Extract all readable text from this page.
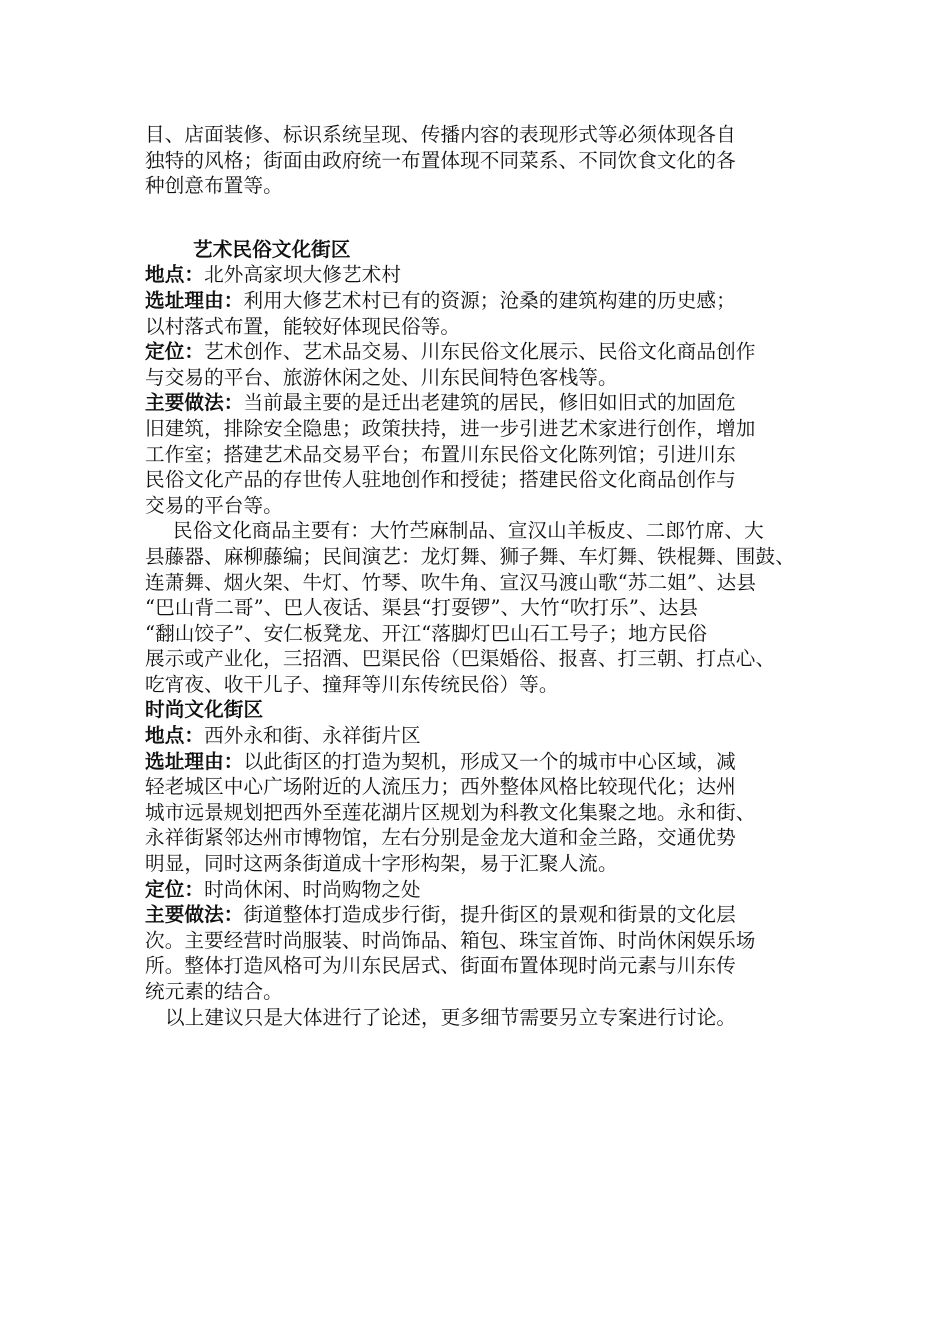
目、店面装修、标识系统呈现、传播内容的表现形式等必须体现各自
独特的风格；街面由政府统一布置体现不同菜系、不同饮食文化的各
种创意布置等。
艺术民俗文化街区
地点：北外高家坝大修艺术村
选址理由：利用大修艺术村已有的资源；沧桑的建筑构建的历史感；
以村落式布置，能较好体现民俗等。
定位：艺术创作、艺术品交易、川东民俗文化展示、民俗文化商品创作
与交易的平台、旅游休闲之处、川东民间特色客栈等。
主要做法：当前最主要的是迁出老建筑的居民，修旧如旧式的加固危
旧建筑，排除安全隐患；政策扶持，进一步引进艺术家进行创作，增加
工作室；搭建艺术品交易平台；布置川东民俗文化陈列馆；引进川东
民俗文化产品的存世传人驻地创作和授徒；搭建民俗文化商品创作与
交易的平台等。
民俗文化商品主要有：大竹苎麻制品、宣汉山羊板皮、二郎竹席、大
县藤器、麻柳藤编；民间演艺：龙灯舞、狮子舞、车灯舞、铁棍舞、围鼓、
连萧舞、烟火架、牛灯、竹琴、吹牛角、宣汉马渡山歌“苏二姐”、达县
“巴山背二哥”、巴人夜话、渠县“打耍锣”、大竹“吹打乐”、达县
“翻山饺子”、安仁板凳龙、开江“落脚灯巴山石工号子；地方民俗
展示或产业化，三招酒、巴渠民俗（巴渠婚俗、报喜、打三朝、打点心、
吃宵夜、收干儿子、撞拜等川东传统民俗）等。
时尚文化街区
地点：西外永和街、永祥街片区
选址理由：以此街区的打造为契机，形成又一个的城市中心区域，减
轻老城区中心广场附近的人流压力；西外整体风格比较现代化；达州
城市远景规划把西外至莲花湖片区规划为科教文化集聚之地。永和街、
永祥街紧邻达州市博物馆，左右分别是金龙大道和金兰路，交通优势
明显，同时这两条街道成十字形构架，易于汇聚人流。
定位：时尚休闲、时尚购物之处
主要做法：街道整体打造成步行街，提升街区的景观和街景的文化层
次。主要经营时尚服装、时尚饰品、箱包、珠宝首饰、时尚休闲娱乐场
所。整体打造风格可为川东民居式、街面布置体现时尚元素与川东传
统元素的结合。
以上建议只是大体进行了论述，更多细节需要另立专案进行讨论。
